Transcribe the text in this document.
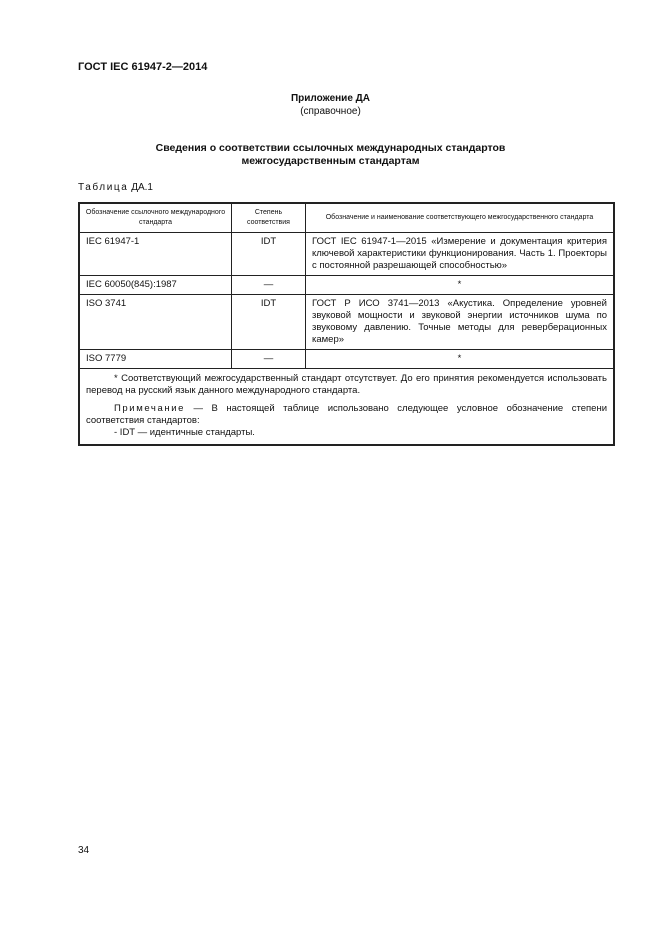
ГОСТ IEC 61947-2—2014
Приложение ДА
(справочное)
Сведения о соответствии ссылочных международных стандартов
межгосударственным стандартам
Таблица ДА.1
Обозначение ссылочного международного стандарта	Степень соответствия	Обозначение и наименование соответствующего межгосударственного стандарта
IEC 61947-1	IDT	ГОСТ IEC 61947-1—2015 «Измерение и документация критерия ключевой характеристики функционирования. Часть 1. Проекторы с постоянной разрешающей способностью»
IEC 60050(845):1987	—	*
ISO 3741	IDT	ГОСТ Р ИСО 3741—2013 «Акустика. Определение уровней звуковой мощности и звуковой энергии источников шума по звуковому давлению. Точные методы для реверберационных камер»
ISO 7779	—	*

* Соответствующий межгосударственный стандарт отсутствует. До его принятия рекомендуется использовать перевод на русский язык данного международного стандарта.

Примечание — В настоящей таблице использовано следующее условное обозначение степени соответствия стандартов:

- IDT — идентичные стандарты.		

34
